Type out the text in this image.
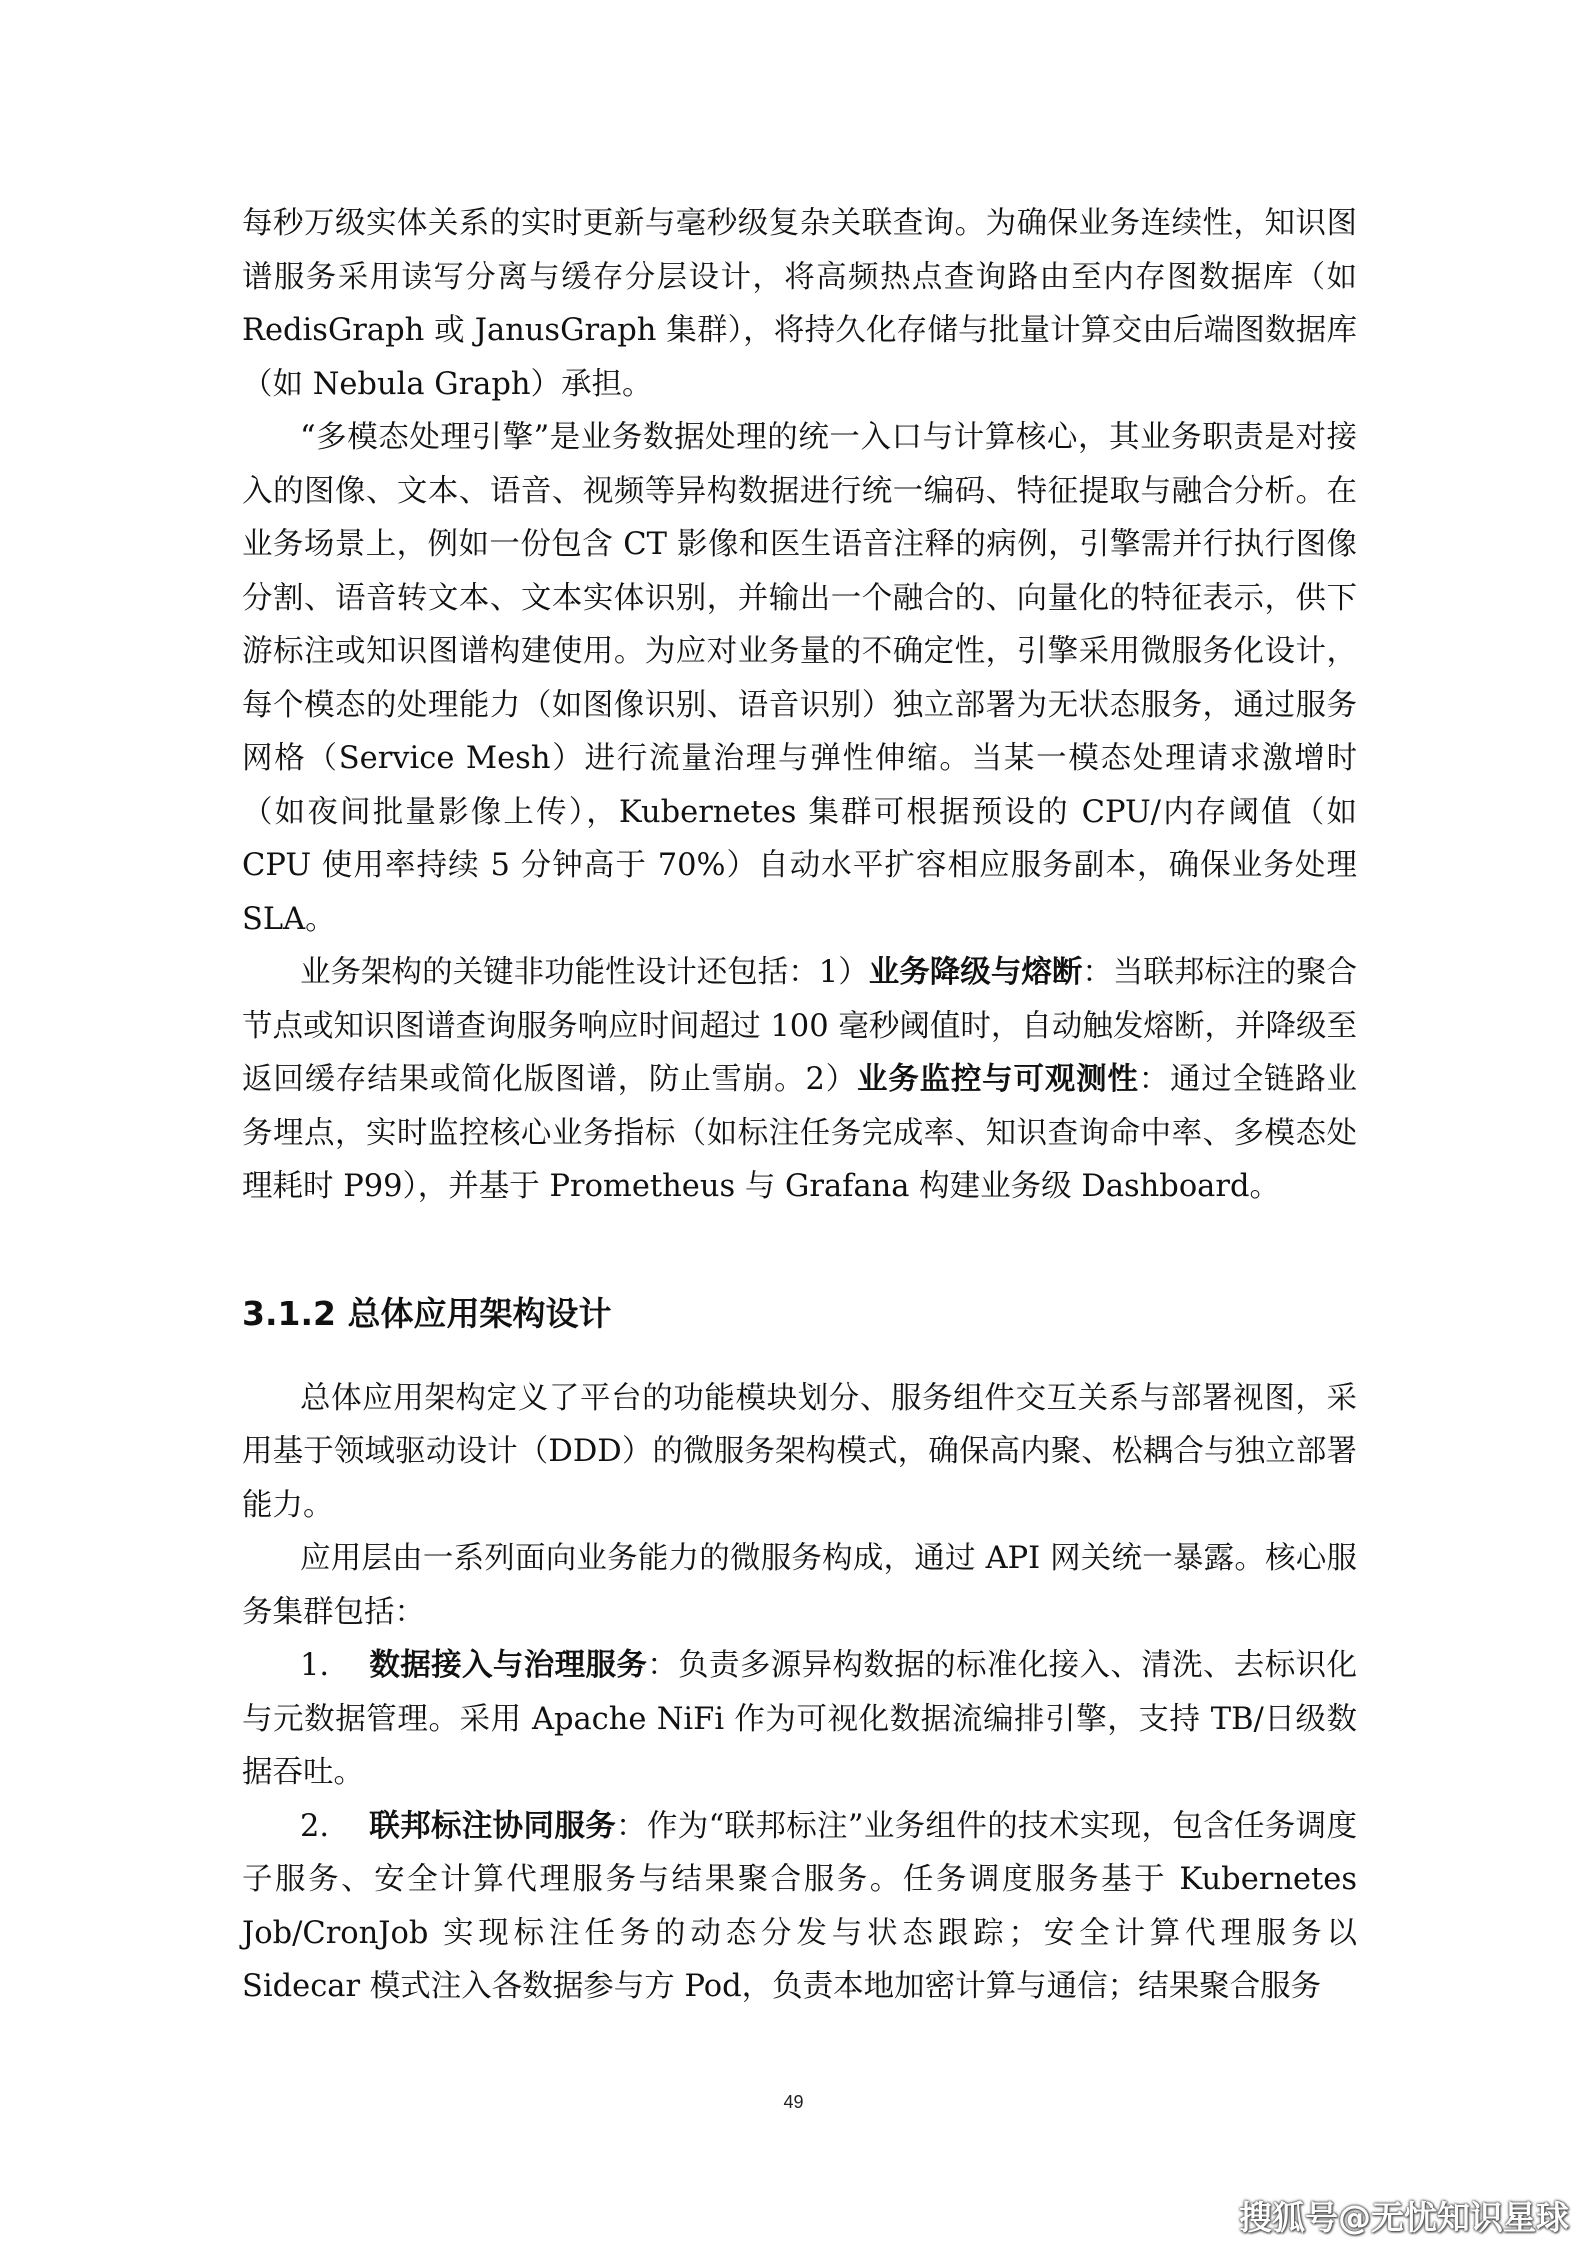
每秒万级实体关系的实时更新与毫秒级复杂关联查询。为确保业务连续性，知识图谱服务采用读写分离与缓存分层设计，将高频热点查询路由至内存图数据库（如 RedisGraph 或 JanusGraph 集群），将持久化存储与批量计算交由后端图数据库（如 Nebula Graph）承担。

“多模态处理引擎”是业务数据处理的统一入口与计算核心，其业务职责是对接入的图像、文本、语音、视频等异构数据进行统一编码、特征提取与融合分析。在业务场景上，例如一份包含 CT 影像和医生语音注释的病例，引擎需并行执行图像分割、语音转文本、文本实体识别，并输出一个融合的、向量化的特征表示，供下游标注或知识图谱构建使用。为应对业务量的不确定性，引擎采用微服务化设计，每个模态的处理能力（如图像识别、语音识别）独立部署为无状态服务，通过服务网格（Service Mesh）进行流量治理与弹性伸缩。当某一模态处理请求激增时（如夜间批量影像上传），Kubernetes 集群可根据预设的 CPU/内存阈值（如 CPU 使用率持续 5 分钟高于 70%）自动水平扩容相应服务副本，确保业务处理 SLA。

业务架构的关键非功能性设计还包括：1）业务降级与熔断：当联邦标注的聚合节点或知识图谱查询服务响应时间超过 100 毫秒阈值时，自动触发熔断，并降级至返回缓存结果或简化版图谱，防止雪崩。2）业务监控与可观测性：通过全链路业务埋点，实时监控核心业务指标（如标注任务完成率、知识查询命中率、多模态处理耗时 P99），并基于 Prometheus 与 Grafana 构建业务级 Dashboard。

3.1.2 总体应用架构设计

总体应用架构定义了平台的功能模块划分、服务组件交互关系与部署视图，采用基于领域驱动设计（DDD）的微服务架构模式，确保高内聚、松耦合与独立部署能力。

应用层由一系列面向业务能力的微服务构成，通过 API 网关统一暴露。核心服务集群包括：

1. 数据接入与治理服务：负责多源异构数据的标准化接入、清洗、去标识化与元数据管理。采用 Apache NiFi 作为可视化数据流编排引擎，支持 TB/日级数据吞吐。

2. 联邦标注协同服务：作为“联邦标注”业务组件的技术实现，包含任务调度子服务、安全计算代理服务与结果聚合服务。任务调度服务基于 Kubernetes Job/CronJob 实现标注任务的动态分发与状态跟踪；安全计算代理服务以 Sidecar 模式注入各数据参与方 Pod，负责本地加密计算与通信；结果聚合服务

49
搜狐号@无忧知识星球
